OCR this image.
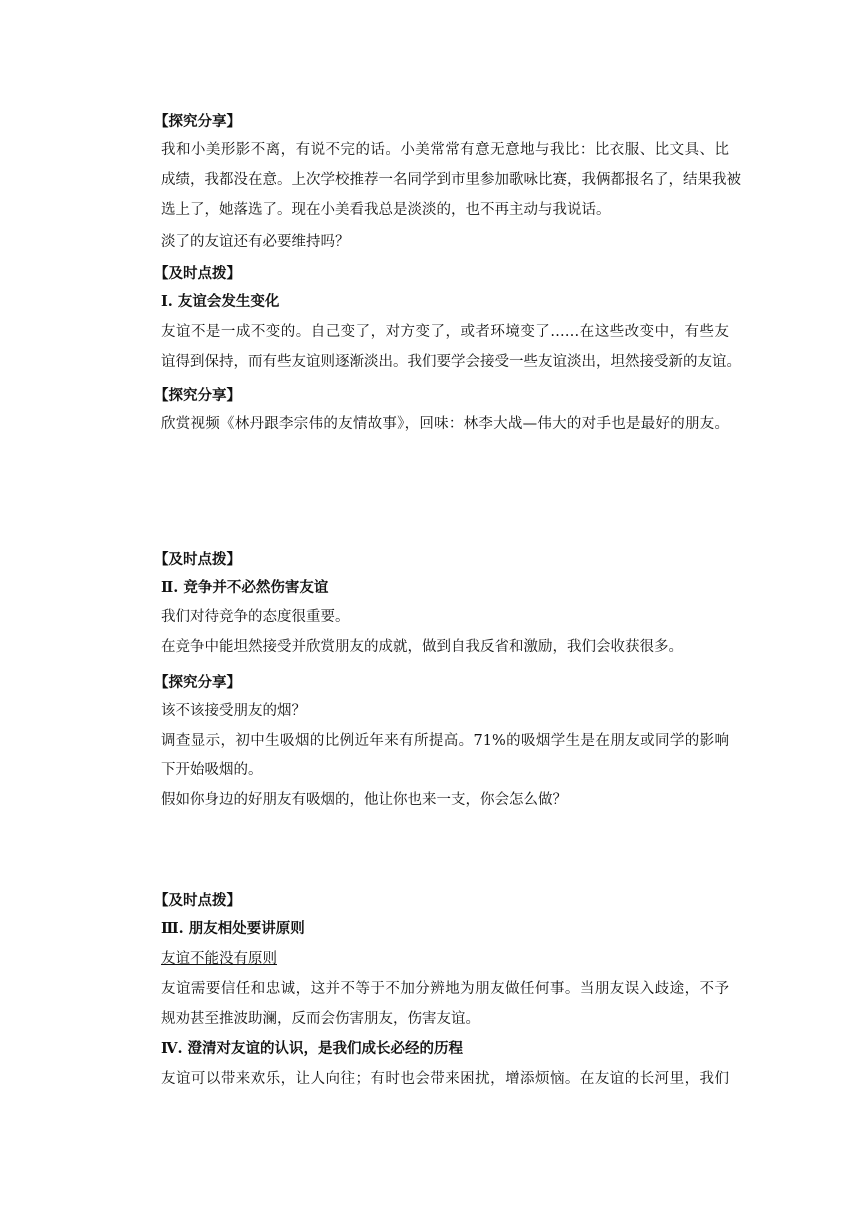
【探究分享】
我和小美形影不离，有说不完的话。小美常常有意无意地与我比：比衣服、比文具、比
成绩，我都没在意。上次学校推荐一名同学到市里参加歌咏比赛，我俩都报名了，结果我被
选上了，她落选了。现在小美看我总是淡淡的，也不再主动与我说话。
淡了的友谊还有必要维持吗？
【及时点拨】
Ⅰ. 友谊会发生变化
友谊不是一成不变的。自己变了，对方变了，或者环境变了……在这些改变中，有些友
谊得到保持，而有些友谊则逐渐淡出。我们要学会接受一些友谊淡出，坦然接受新的友谊。
【探究分享】
欣赏视频《林丹跟李宗伟的友情故事》，回味：林李大战—伟大的对手也是最好的朋友。
【及时点拨】
Ⅱ. 竞争并不必然伤害友谊
我们对待竞争的态度很重要。
在竞争中能坦然接受并欣赏朋友的成就，做到自我反省和激励，我们会收获很多。
【探究分享】
该不该接受朋友的烟？
调查显示，初中生吸烟的比例近年来有所提高。71%的吸烟学生是在朋友或同学的影响
下开始吸烟的。
假如你身边的好朋友有吸烟的，他让你也来一支，你会怎么做？
【及时点拨】
Ⅲ. 朋友相处要讲原则
友谊不能没有原则
友谊需要信任和忠诚，这并不等于不加分辨地为朋友做任何事。当朋友误入歧途，不予
规劝甚至推波助澜，反而会伤害朋友，伤害友谊。
Ⅳ. 澄清对友谊的认识，是我们成长必经的历程
友谊可以带来欢乐，让人向往；有时也会带来困扰，增添烦恼。在友谊的长河里，我们
